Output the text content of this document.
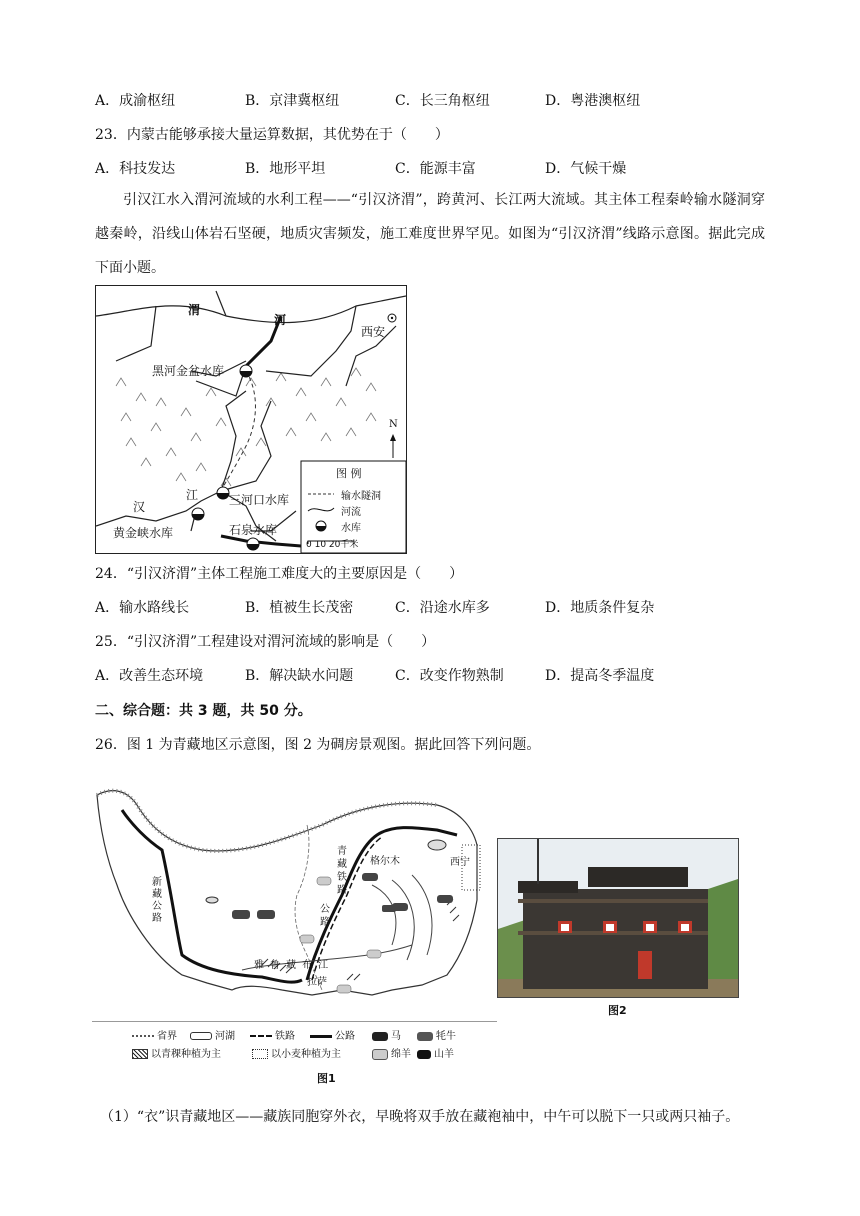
A．成渝枢纽	B．京津冀枢纽	C．长三角枢纽	D．粤港澳枢纽
23．内蒙古能够承接大量运算数据，其优势在于（　　）
A．科技发达	B．地形平坦	C．能源丰富	D．气候干燥
引汉江水入渭河流域的水利工程——“引汉济渭”，跨黄河、长江两大流域。其主体工程秦岭输水隧洞穿越秦岭，沿线山体岩石坚硬，地质灾害频发，施工难度世界罕见。如图为“引汉济渭”线路示意图。据此完成下面小题。
渭
河
西安
黑河金盆水库
汉
江	三河口水库
黄金峡水库	石泉水库
N
图 例
输水隧洞
河流
水库
0 10 20千米
24．“引汉济渭”主体工程施工难度大的主要原因是（　　）
A．输水路线长	B．植被生长茂密	C．沿途水库多	D．地质条件复杂
25．“引汉济渭”工程建设对渭河流域的影响是（　　）
A．改善生态环境	B．解决缺水问题	C．改变作物熟制	D．提高冬季温度
二、综合题：共 3 题，共 50 分。
26．图 1 为青藏地区示意图，图 2 为碉房景观图。据此回答下列问题。
新藏公路
青藏铁路
公路
格尔木	西宁
雅鲁藏布江
拉萨
省界	河湖	铁路	公路	马	牦牛
以青稞种植为主	以小麦种植为主	绵羊	山羊
图1
图2
（1）“衣”识青藏地区——藏族同胞穿外衣，早晚将双手放在藏袍袖中，中午可以脱下一只或两只袖子。
